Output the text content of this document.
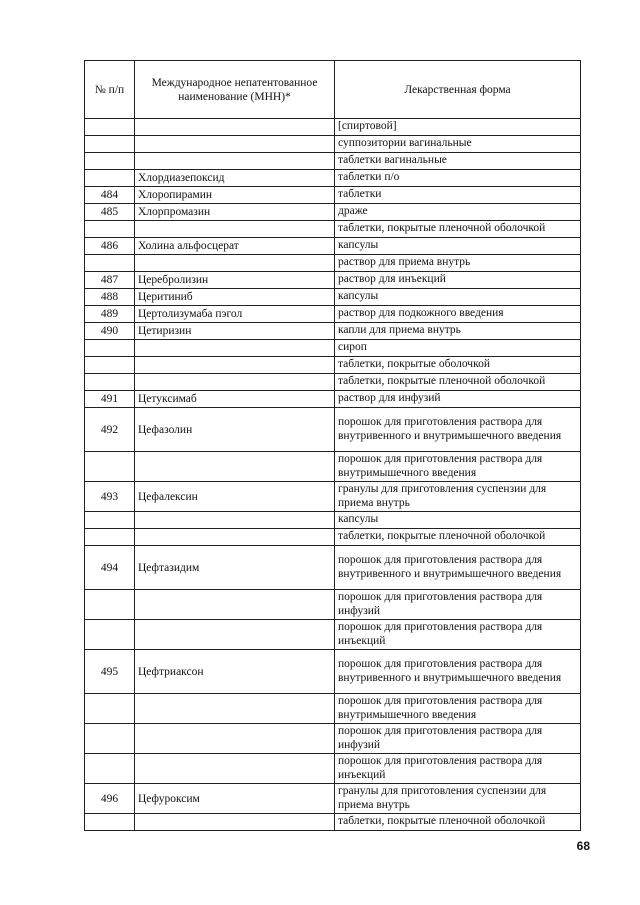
№ п/п	Международное непатентованное наименование (МНН)*	Лекарственная форма
		[спиртовой]
		суппозитории вагинальные
		таблетки вагинальные
	Хлордиазепоксид	таблетки п/о
484	Хлоропирамин	таблетки
485	Хлорпромазин	драже
		таблетки, покрытые пленочной оболочкой
486	Холина альфосцерат	капсулы
		раствор для приема внутрь
487	Церебролизин	раствор для инъекций
488	Церитиниб	капсулы
489	Цертолизумаба пэгол	раствор для подкожного введения
490	Цетиризин	капли для приема внутрь
		сироп
		таблетки, покрытые оболочкой
		таблетки, покрытые пленочной оболочкой
491	Цетуксимаб	раствор для инфузий
492	Цефазолин	порошок для приготовления раствора для внутривенного и внутримышечного введения
		порошок для приготовления раствора для внутримышечного введения
493	Цефалексин	гранулы для приготовления суспензии для приема внутрь
		капсулы
		таблетки, покрытые пленочной оболочкой
494	Цефтазидим	порошок для приготовления раствора для внутривенного и внутримышечного введения
		порошок для приготовления раствора для инфузий
		порошок для приготовления раствора для инъекций
495	Цефтриаксон	порошок для приготовления раствора для внутривенного и внутримышечного введения
		порошок для приготовления раствора для внутримышечного введения
		порошок для приготовления раствора для инфузий
		порошок для приготовления раствора для инъекций
496	Цефуроксим	гранулы для приготовления суспензии для приема внутрь
		таблетки, покрытые пленочной оболочкой
68
